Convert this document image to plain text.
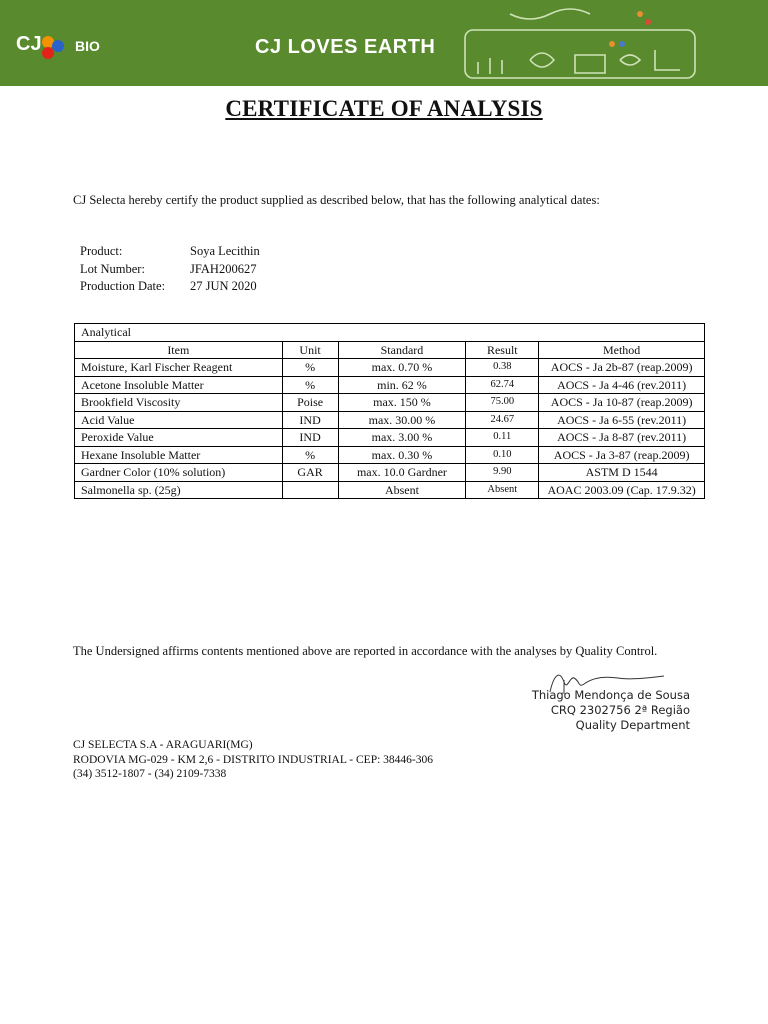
CJ BIO	CJ LOVES EARTH
CERTIFICATE OF ANALYSIS
CJ Selecta hereby certify the product supplied as described below, that has the following analytical dates:
Product:	Soya Lecithin
Lot Number:	JFAH200627
Production Date:	27 JUN 2020
Analytical				
Item	Unit	Standard	Result	Method
Moisture, Karl Fischer Reagent	%	max. 0.70 %	0.38	AOCS - Ja 2b-87 (reap.2009)
Acetone Insoluble Matter	%	min. 62 %	62.74	AOCS - Ja 4-46 (rev.2011)
Brookfield Viscosity	Poise	max. 150 %	75.00	AOCS - Ja 10-87 (reap.2009)
Acid Value	IND	max. 30.00 %	24.67	AOCS - Ja 6-55 (rev.2011)
Peroxide Value	IND	max. 3.00 %	0.11	AOCS - Ja 8-87 (rev.2011)
Hexane Insoluble Matter	%	max. 0.30 %	0.10	AOCS - Ja 3-87 (reap.2009)
Gardner Color (10% solution)	GAR	max. 10.0 Gardner	9.90	ASTM D 1544
Salmonella sp. (25g)		Absent	Absent	AOAC 2003.09 (Cap. 17.9.32)
The Undersigned affirms contents mentioned above are reported in accordance with the analyses by Quality Control.
Thiago Mendonça de Sousa
CRQ 2302756 2ª Região
Quality Department
CJ SELECTA S.A - ARAGUARI(MG)
RODOVIA MG-029 - KM 2,6 - DISTRITO INDUSTRIAL - CEP: 38446-306
(34) 3512-1807 - (34) 2109-7338
